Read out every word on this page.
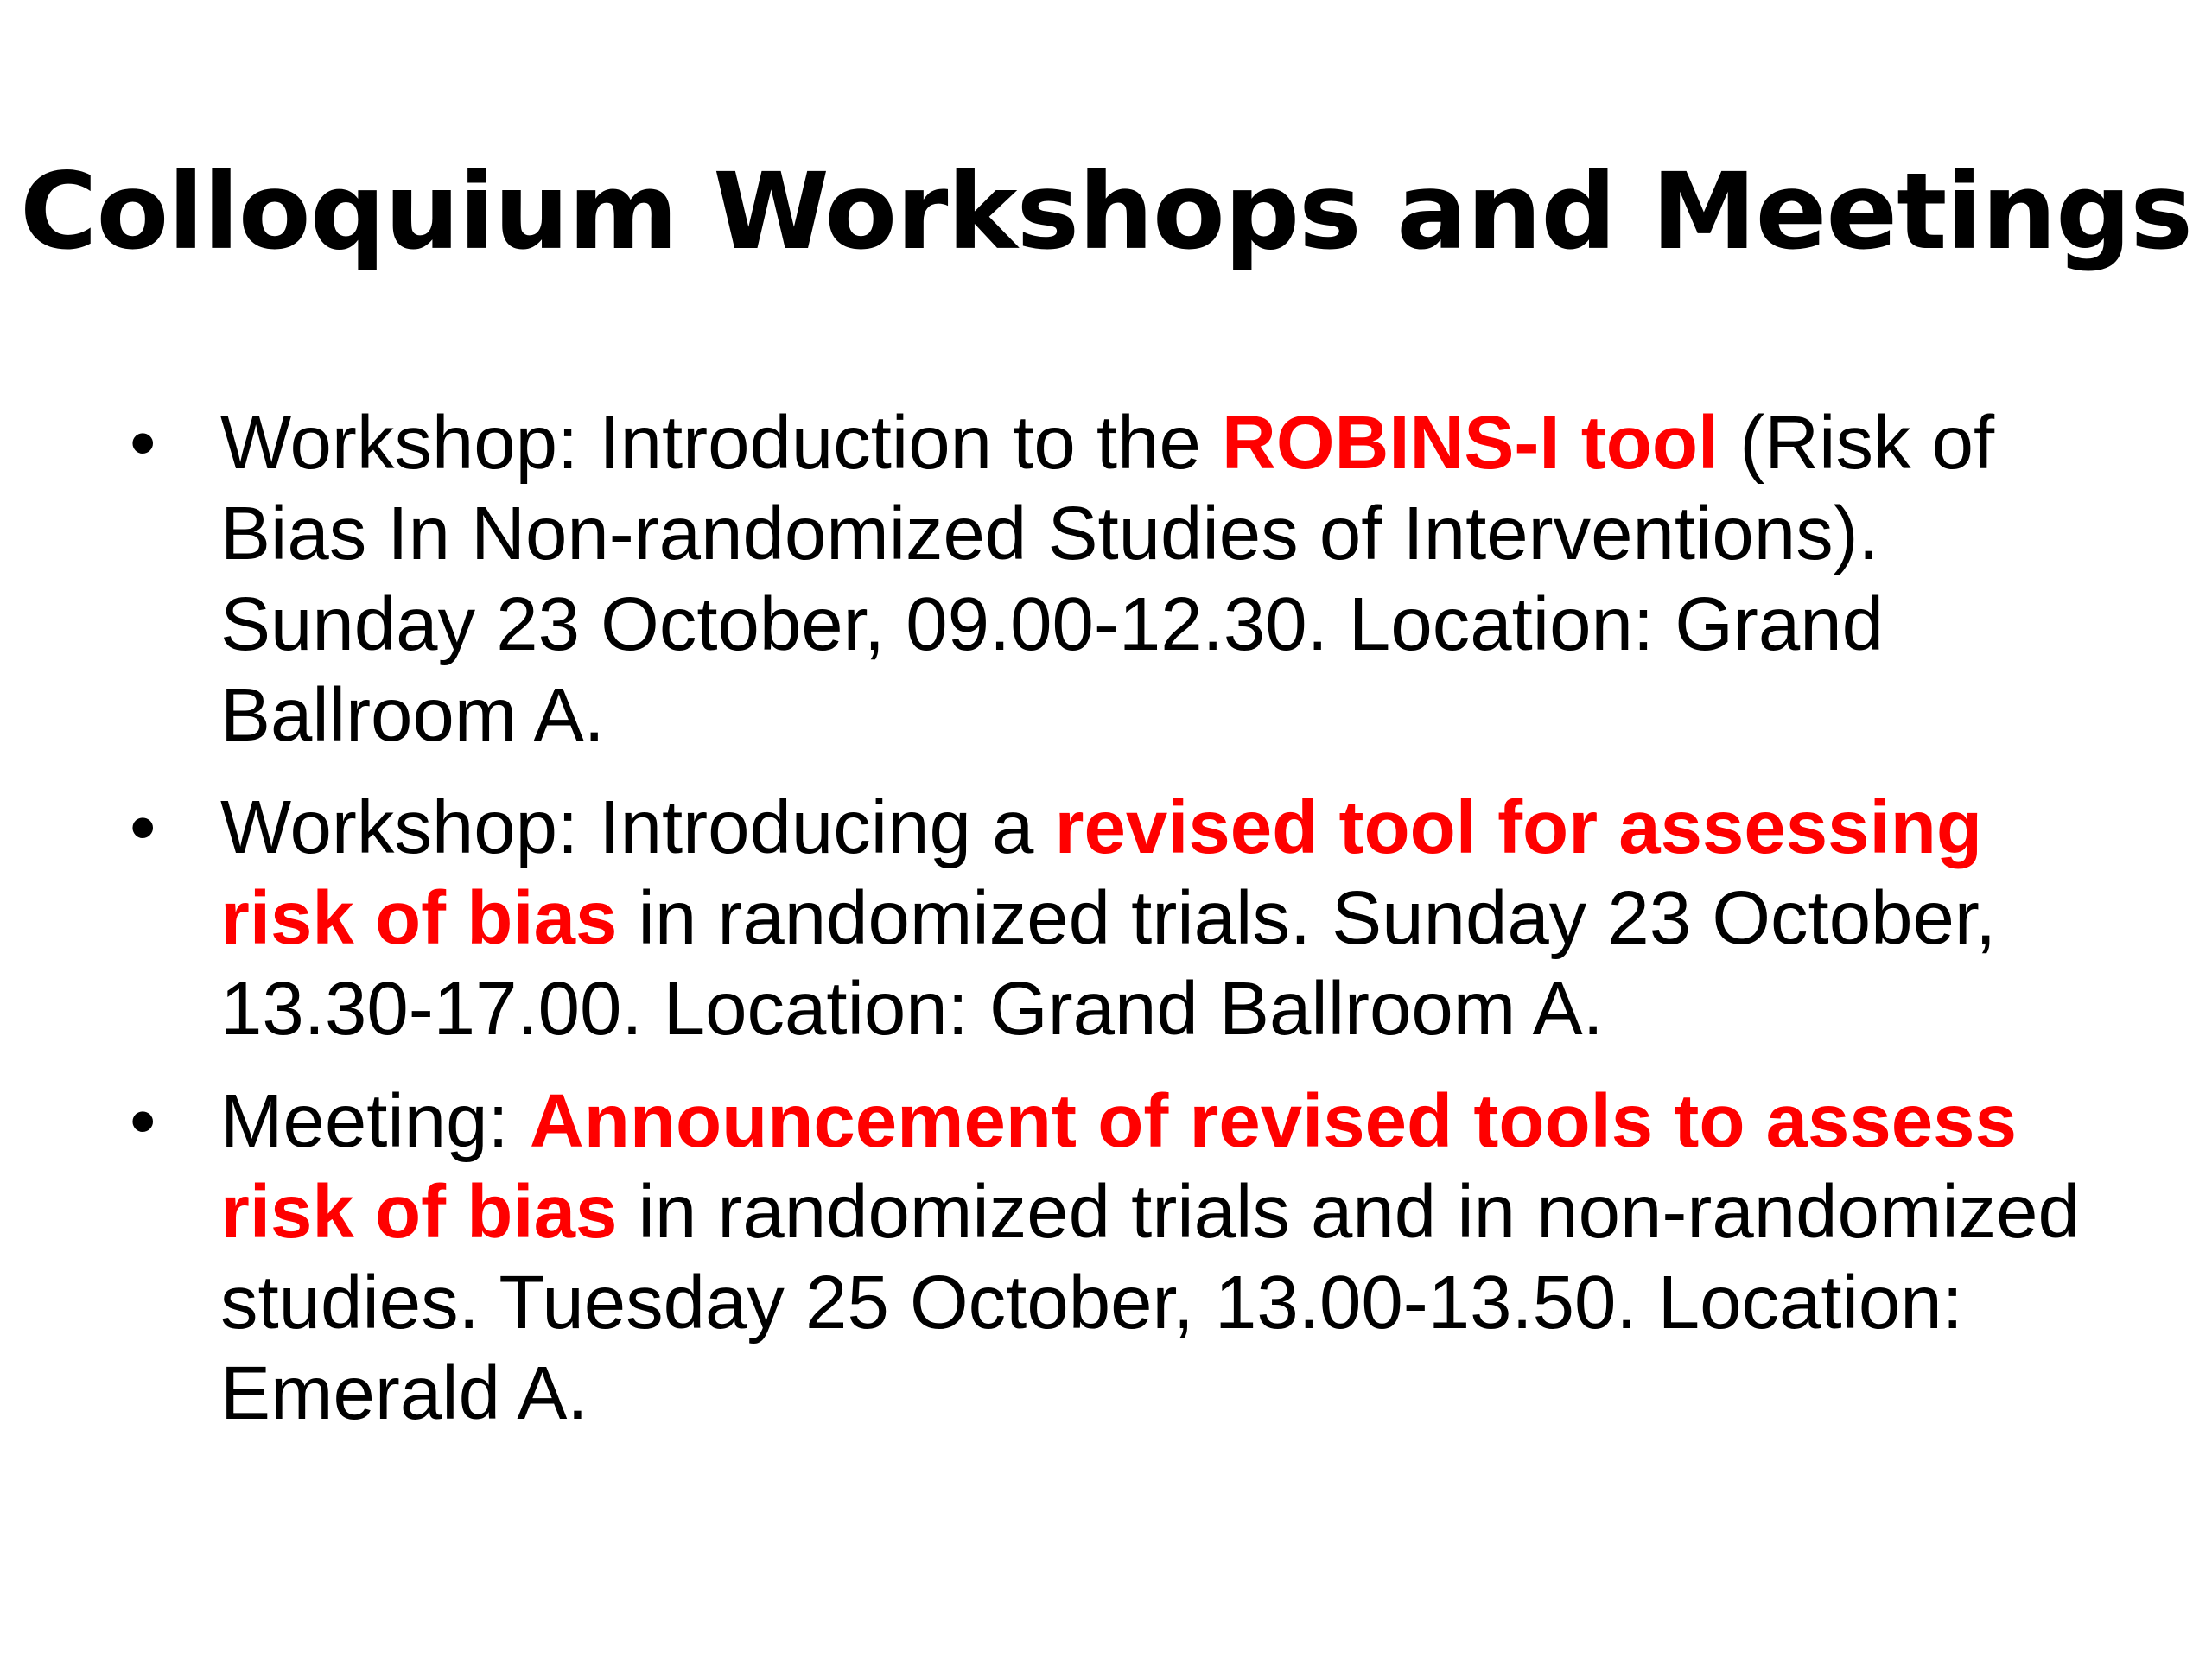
Colloquium Workshops and Meetings
• Workshop: Introduction to the ROBINS-I tool (Risk of Bias In Non-randomized Studies of Interventions). Sunday 23 October, 09.00-12.30. Location: Grand Ballroom A.
• Workshop: Introducing a revised tool for assessing risk of bias in randomized trials. Sunday 23 October, 13.30-17.00. Location: Grand Ballroom A.
• Meeting: Announcement of revised tools to assess risk of bias in randomized trials and in non-randomized studies. Tuesday 25 October, 13.00-13.50. Location: Emerald A.
